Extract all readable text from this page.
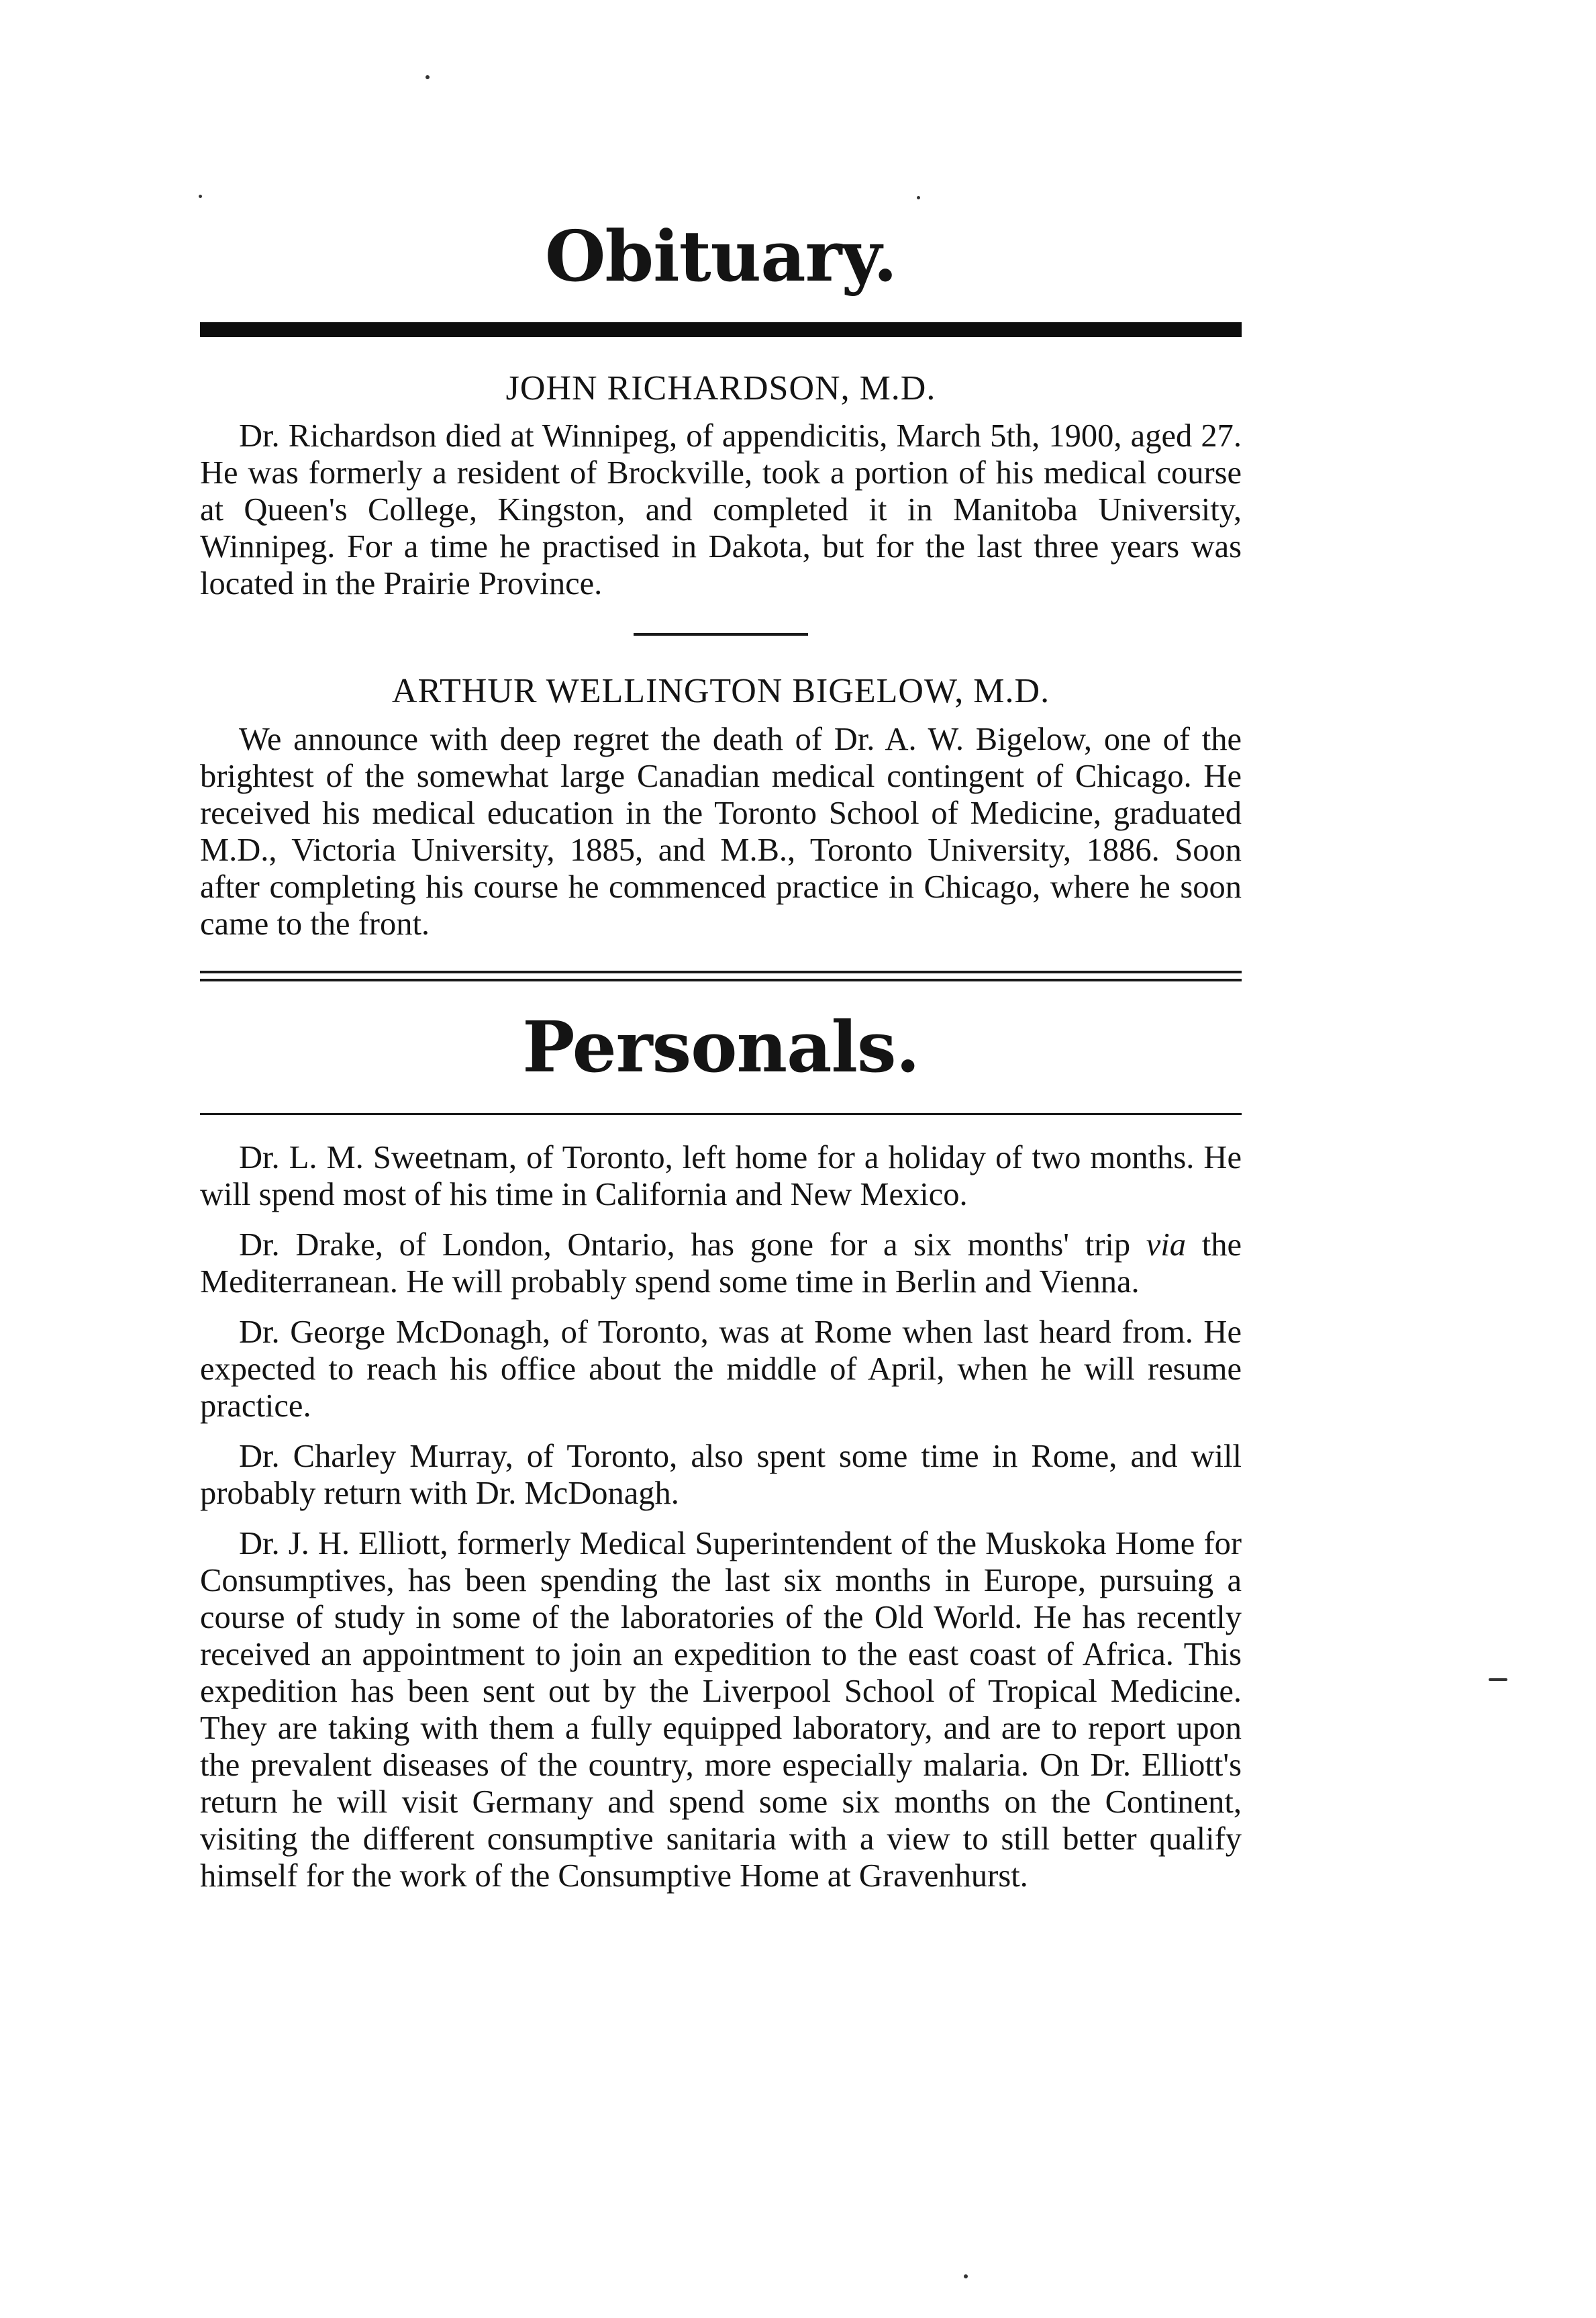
Obituary.
JOHN RICHARDSON, M.D.

Dr. Richardson died at Winnipeg, of appendicitis, March 5th, 1900, aged 27. He was formerly a resident of Brockville, took a portion of his medical course at Queen's College, Kingston, and completed it in Manitoba University, Winnipeg. For a time he practised in Dakota, but for the last three years was located in the Prairie Province.

ARTHUR WELLINGTON BIGELOW, M.D.

We announce with deep regret the death of Dr. A. W. Bigelow, one of the brightest of the somewhat large Canadian medical contingent of Chicago. He received his medical education in the Toronto School of Medicine, graduated M.D., Victoria University, 1885, and M.B., Toronto University, 1886. Soon after completing his course he commenced practice in Chicago, where he soon came to the front.

Personals.

Dr. L. M. Sweetnam, of Toronto, left home for a holiday of two months. He will spend most of his time in California and New Mexico.

Dr. Drake, of London, Ontario, has gone for a six months' trip via the Mediterranean. He will probably spend some time in Berlin and Vienna.

Dr. George McDonagh, of Toronto, was at Rome when last heard from. He expected to reach his office about the middle of April, when he will resume practice.

Dr. Charley Murray, of Toronto, also spent some time in Rome, and will probably return with Dr. McDonagh.

Dr. J. H. Elliott, formerly Medical Superintendent of the Muskoka Home for Consumptives, has been spending the last six months in Europe, pursuing a course of study in some of the laboratories of the Old World. He has recently received an appointment to join an expedition to the east coast of Africa. This expedition has been sent out by the Liverpool School of Tropical Medicine. They are taking with them a fully equipped laboratory, and are to report upon the prevalent diseases of the country, more especially malaria. On Dr. Elliott's return he will visit Germany and spend some six months on the Continent, visiting the different consumptive sanitaria with a view to still better qualify himself for the work of the Consumptive Home at Gravenhurst.
